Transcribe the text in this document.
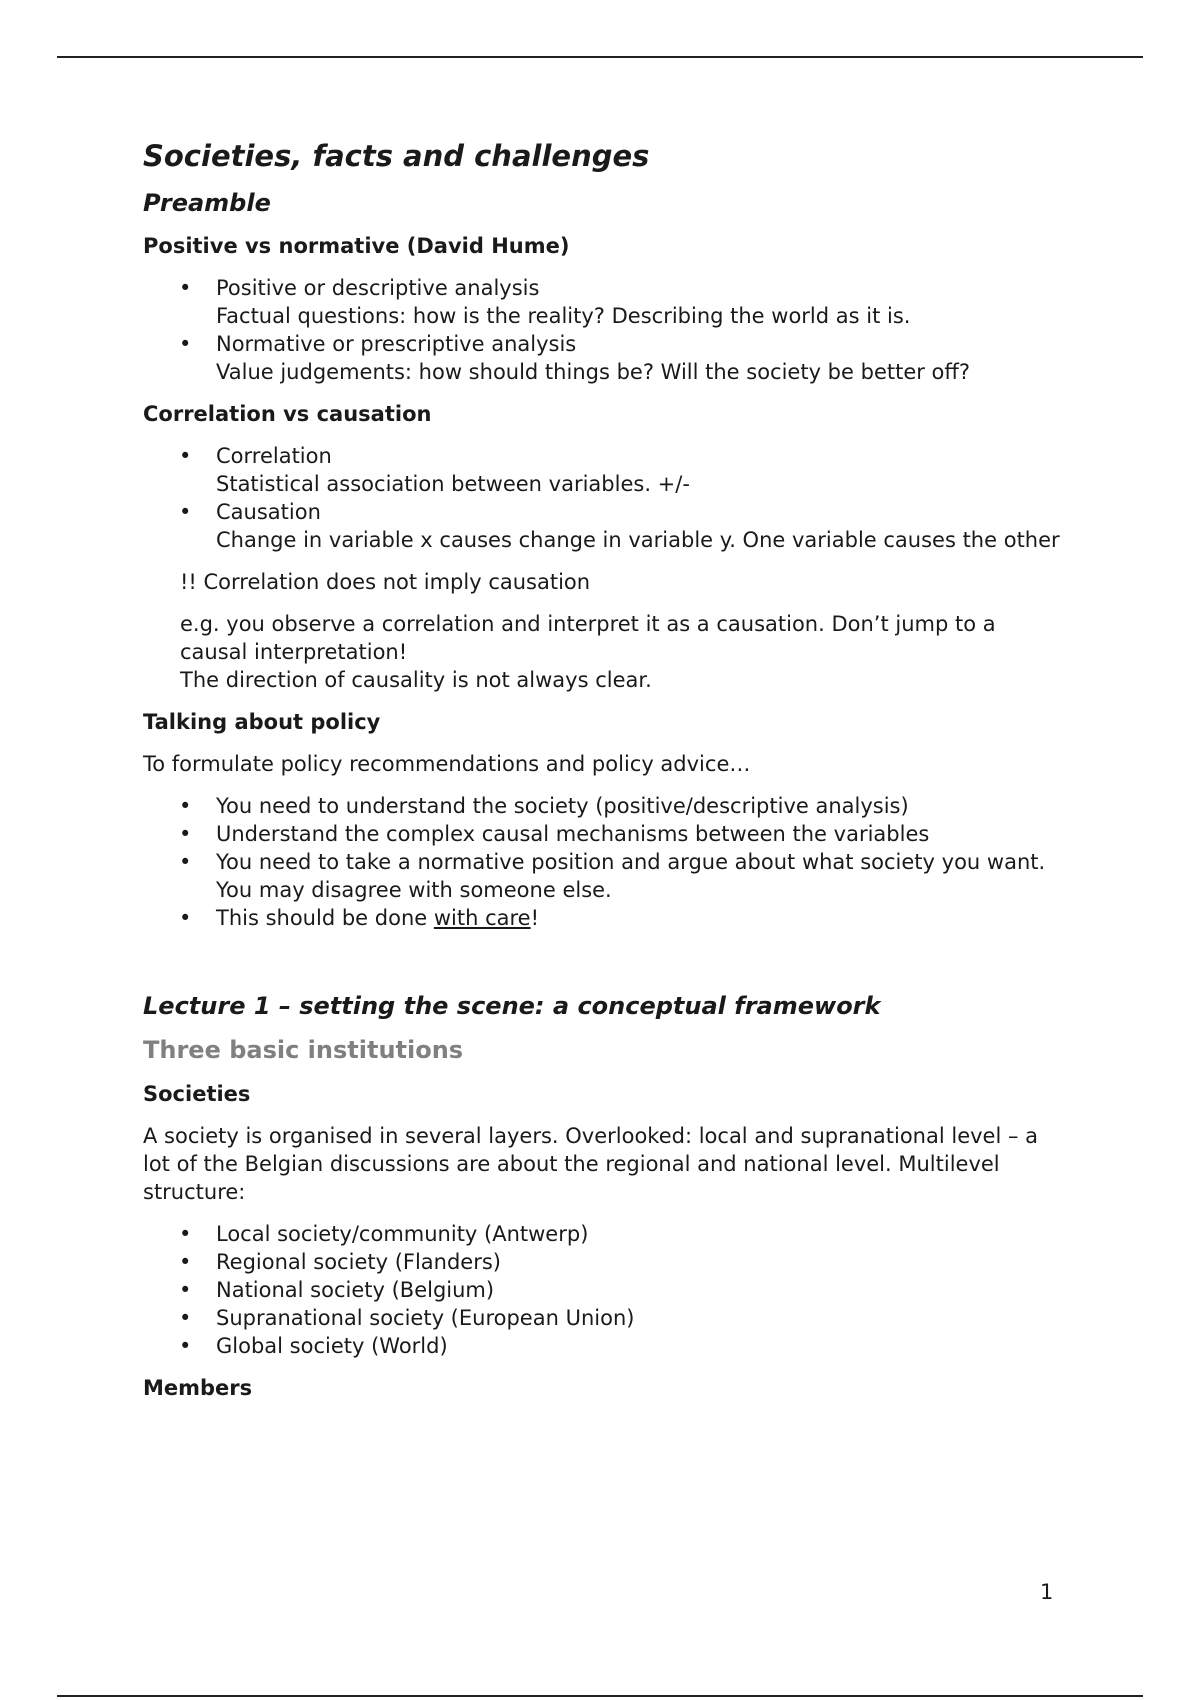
Societies, facts and challenges
Preamble
Positive vs normative (David Hume)
• Positive or descriptive analysis
Factual questions: how is the reality? Describing the world as it is.
• Normative or prescriptive analysis
Value judgements: how should things be? Will the society be better off?
Correlation vs causation
• Correlation
Statistical association between variables. +/-
• Causation
Change in variable x causes change in variable y. One variable causes the other
!! Correlation does not imply causation
e.g. you observe a correlation and interpret it as a causation. Don’t jump to a causal interpretation!
The direction of causality is not always clear.
Talking about policy
To formulate policy recommendations and policy advice…
• You need to understand the society (positive/descriptive analysis)
• Understand the complex causal mechanisms between the variables
• You need to take a normative position and argue about what society you want.
You may disagree with someone else.
• This should be done with care!
Lecture 1 – setting the scene: a conceptual framework
Three basic institutions
Societies
A society is organised in several layers. Overlooked: local and supranational level – a lot of the Belgian discussions are about the regional and national level. Multilevel structure:
• Local society/community (Antwerp)
• Regional society (Flanders)
• National society (Belgium)
• Supranational society (European Union)
• Global society (World)
Members
1
